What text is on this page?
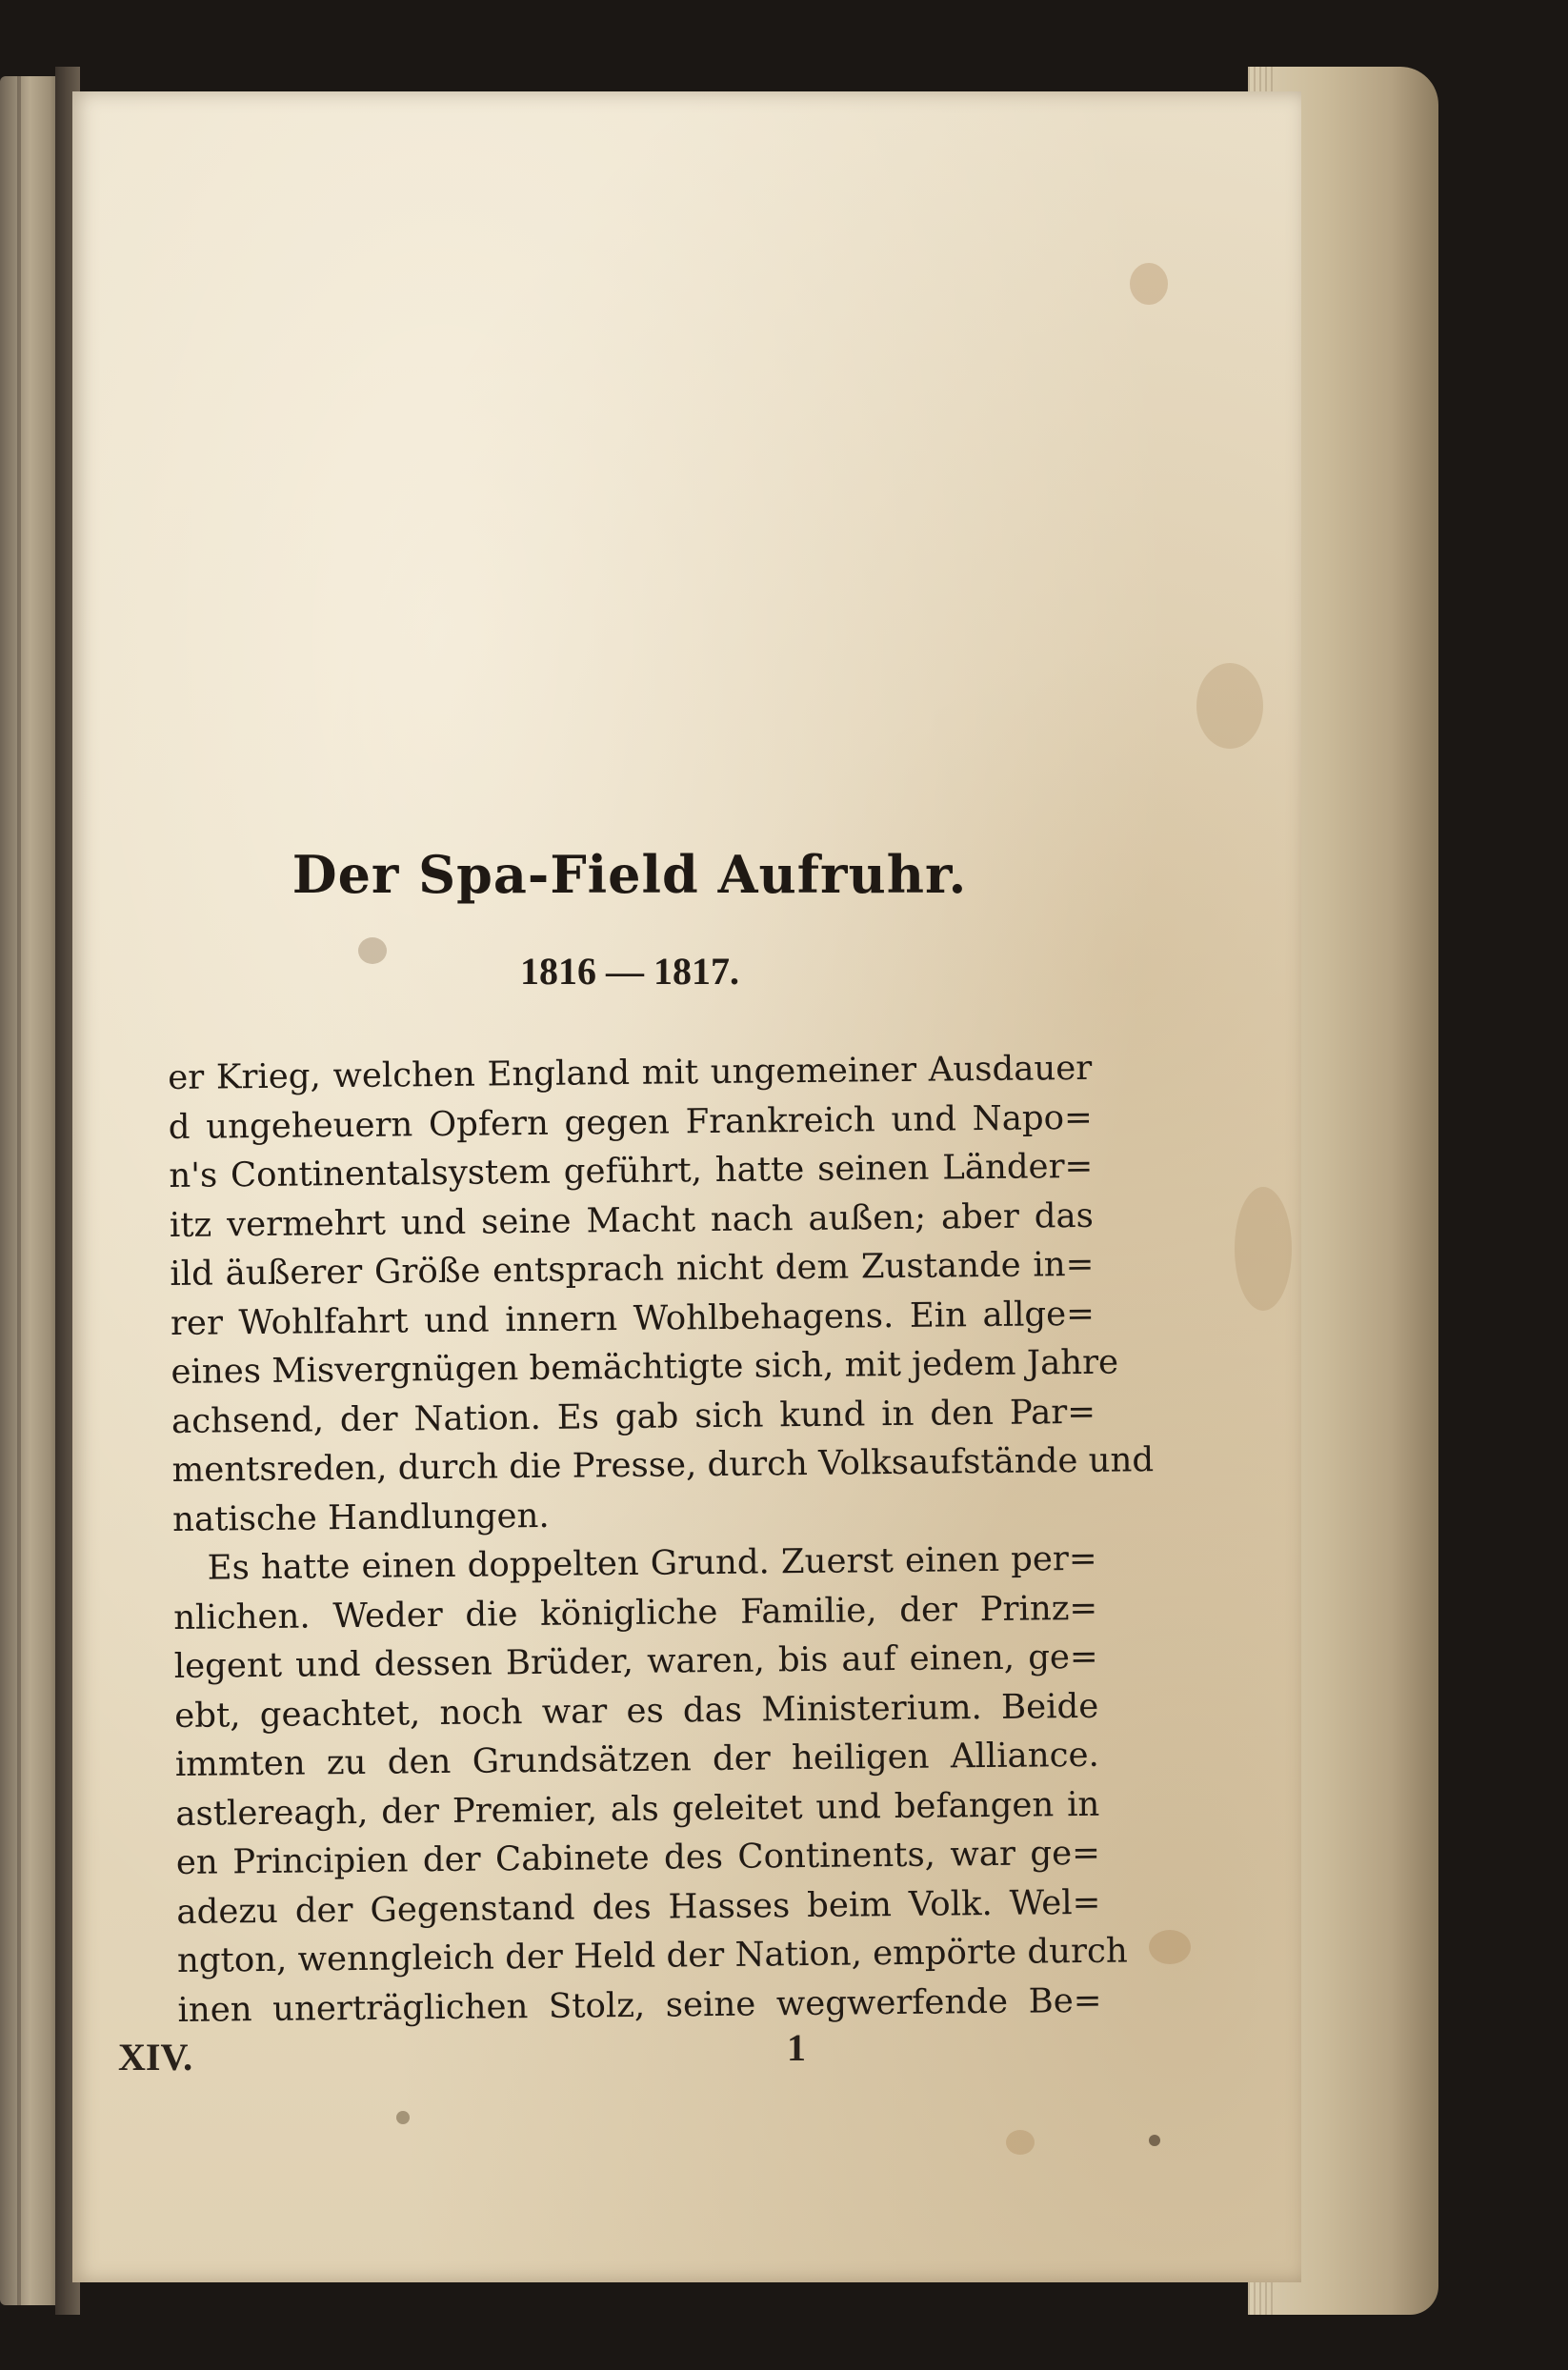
Der Spa-Field Aufruhr.
1816 — 1817.
er Krieg, welchen England mit ungemeiner Ausdauer
d ungeheuern Opfern gegen Frankreich und Napo=
n's Continentalsystem geführt, hatte seinen Länder=
itz vermehrt und seine Macht nach außen; aber das
ild äußerer Größe entsprach nicht dem Zustande in=
rer Wohlfahrt und innern Wohlbehagens. Ein allge=
eines Misvergnügen bemächtigte sich, mit jedem Jahre
achsend, der Nation. Es gab sich kund in den Par=
mentsreden, durch die Presse, durch Volksaufstände und
natische Handlungen.
Es hatte einen doppelten Grund. Zuerst einen per=
nlichen. Weder die königliche Familie, der Prinz=
legent und dessen Brüder, waren, bis auf einen, ge=
ebt, geachtet, noch war es das Ministerium. Beide
immten zu den Grundsätzen der heiligen Alliance.
astlereagh, der Premier, als geleitet und befangen in
en Principien der Cabinete des Continents, war ge=
adezu der Gegenstand des Hasses beim Volk. Wel=
ngton, wenngleich der Held der Nation, empörte durch
inen unerträglichen Stolz, seine wegwerfende Be=
XIV.	1
